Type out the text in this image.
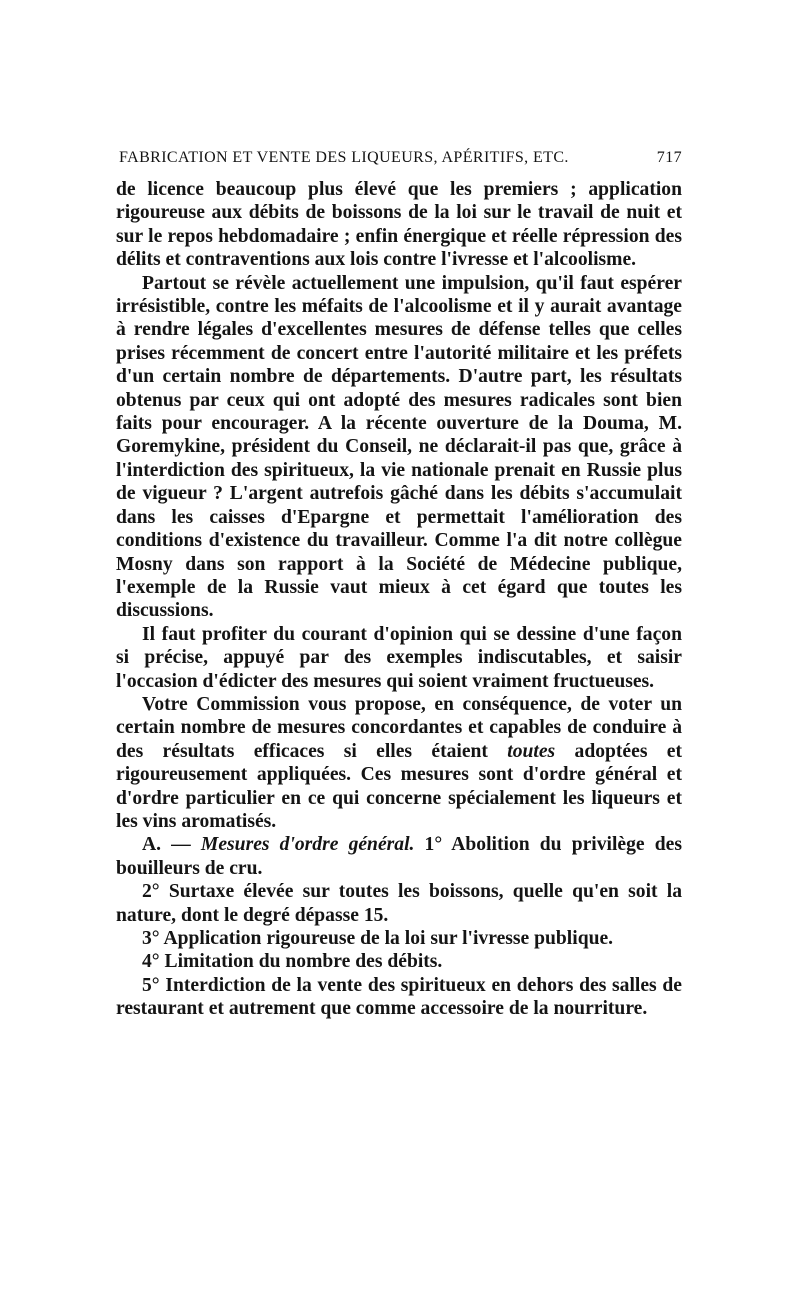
FABRICATION ET VENTE DES LIQUEURS, APÉRITIFS, ETC.	717

de licence beaucoup plus élevé que les premiers ; application rigoureuse aux débits de boissons de la loi sur le travail de nuit et sur le repos hebdomadaire ; enfin énergique et réelle répression des délits et contraventions aux lois contre l'ivresse et l'alcoolisme.

Partout se révèle actuellement une impulsion, qu'il faut espérer irrésistible, contre les méfaits de l'alcoolisme et il y aurait avantage à rendre légales d'excellentes mesures de défense telles que celles prises récemment de concert entre l'autorité militaire et les préfets d'un certain nombre de départements. D'autre part, les résultats obtenus par ceux qui ont adopté des mesures radicales sont bien faits pour encourager. A la récente ouverture de la Douma, M. Goremykine, président du Conseil, ne déclarait-il pas que, grâce à l'interdiction des spiritueux, la vie nationale prenait en Russie plus de vigueur ? L'argent autrefois gâché dans les débits s'accumulait dans les caisses d'Epargne et permettait l'amélioration des conditions d'existence du travailleur. Comme l'a dit notre collègue Mosny dans son rapport à la Société de Médecine publique, l'exemple de la Russie vaut mieux à cet égard que toutes les discussions.

Il faut profiter du courant d'opinion qui se dessine d'une façon si précise, appuyé par des exemples indiscutables, et saisir l'occasion d'édicter des mesures qui soient vraiment fructueuses.

Votre Commission vous propose, en conséquence, de voter un certain nombre de mesures concordantes et capables de conduire à des résultats efficaces si elles étaient toutes adoptées et rigoureusement appliquées. Ces mesures sont d'ordre général et d'ordre particulier en ce qui concerne spécialement les liqueurs et les vins aromatisés.

A. — Mesures d'ordre général. 1° Abolition du privilège des bouilleurs de cru.

2° Surtaxe élevée sur toutes les boissons, quelle qu'en soit la nature, dont le degré dépasse 15.

3° Application rigoureuse de la loi sur l'ivresse publique.

4° Limitation du nombre des débits.

5° Interdiction de la vente des spiritueux en dehors des salles de restaurant et autrement que comme accessoire de la nourriture.
